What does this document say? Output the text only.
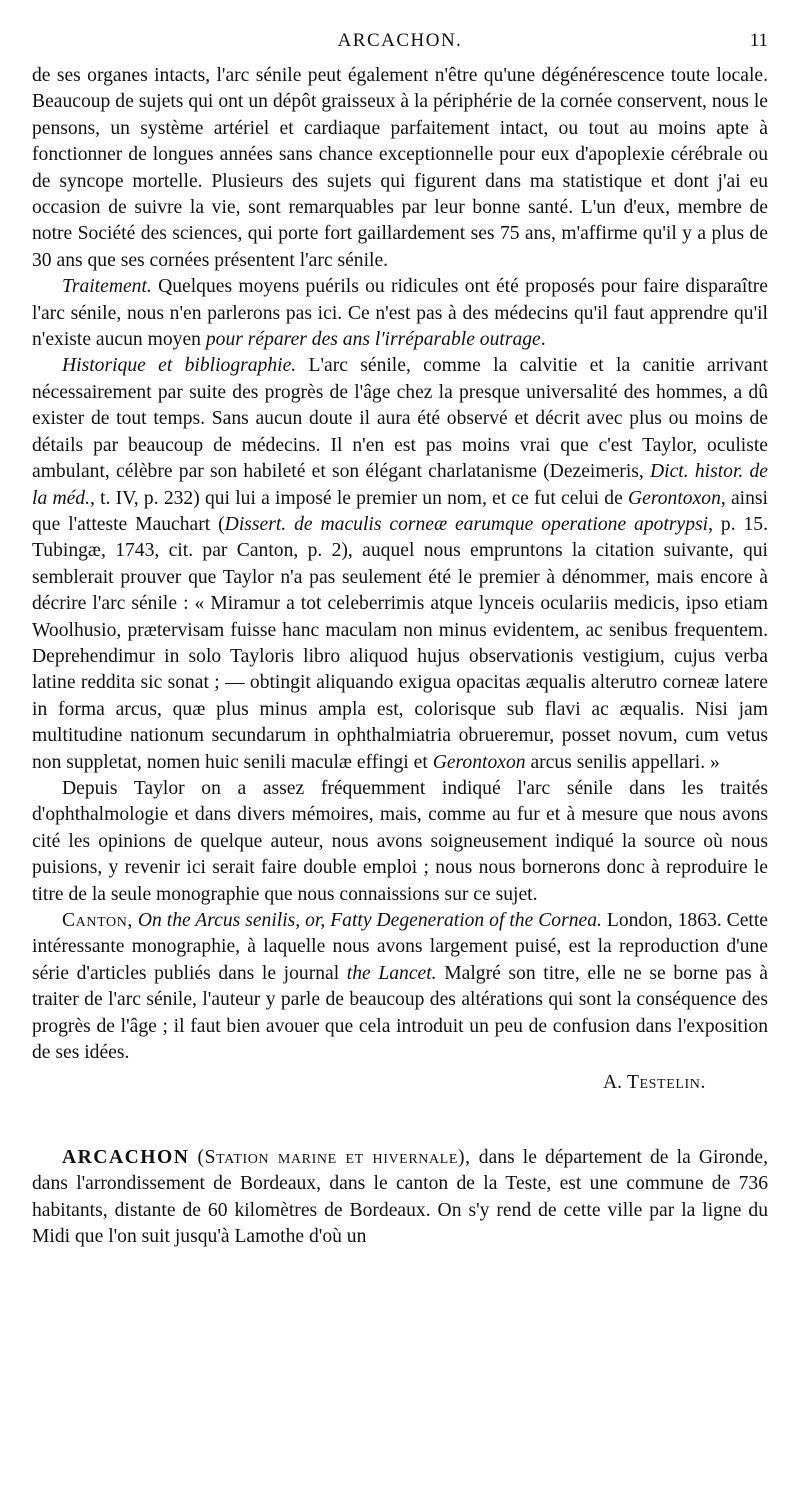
ARCACHON.	11

de ses organes intacts, l'arc sénile peut également n'être qu'une dégénérescence toute locale. Beaucoup de sujets qui ont un dépôt graisseux à la périphérie de la cornée conservent, nous le pensons, un système artériel et cardiaque parfaitement intact, ou tout au moins apte à fonctionner de longues années sans chance exceptionnelle pour eux d'apoplexie cérébrale ou de syncope mortelle. Plusieurs des sujets qui figurent dans ma statistique et dont j'ai eu occasion de suivre la vie, sont remarquables par leur bonne santé. L'un d'eux, membre de notre Société des sciences, qui porte fort gaillardement ses 75 ans, m'affirme qu'il y a plus de 30 ans que ses cornées présentent l'arc sénile.

Traitement. Quelques moyens puérils ou ridicules ont été proposés pour faire disparaître l'arc sénile, nous n'en parlerons pas ici. Ce n'est pas à des médecins qu'il faut apprendre qu'il n'existe aucun moyen pour réparer des ans l'irréparable outrage.

Historique et bibliographie. L'arc sénile, comme la calvitie et la canitie arrivant nécessairement par suite des progrès de l'âge chez la presque universalité des hommes, a dû exister de tout temps. Sans aucun doute il aura été observé et décrit avec plus ou moins de détails par beaucoup de médecins. Il n'en est pas moins vrai que c'est Taylor, oculiste ambulant, célèbre par son habileté et son élégant charlatanisme (Dezeimeris, Dict. histor. de la méd., t. IV, p. 232) qui lui a imposé le premier un nom, et ce fut celui de Gerontoxon, ainsi que l'atteste Mauchart (Dissert. de maculis corneæ earumque operatione apotrypsi, p. 15. Tubingæ, 1743, cit. par Canton, p. 2), auquel nous empruntons la citation suivante, qui semblerait prouver que Taylor n'a pas seulement été le premier à dénommer, mais encore à décrire l'arc sénile : « Miramur a tot celeberrimis atque lynceis oculariis medicis, ipso etiam Woolhusio, prætervisam fuisse hanc maculam non minus evidentem, ac senibus frequentem. Deprehendimur in solo Tayloris libro aliquod hujus observationis vestigium, cujus verba latine reddita sic sonat ; — obtingit aliquando exigua opacitas æqualis alterutro corneæ latere in forma arcus, quæ plus minus ampla est, colorisque sub flavi ac æqualis. Nisi jam multitudine nationum secundarum in ophthalmiatria obrueremur, posset novum, cum vetus non suppletat, nomen huic senili maculæ effingi et Gerontoxon arcus senilis appellari. »

Depuis Taylor on a assez fréquemment indiqué l'arc sénile dans les traités d'ophthalmologie et dans divers mémoires, mais, comme au fur et à mesure que nous avons cité les opinions de quelque auteur, nous avons soigneusement indiqué la source où nous puisions, y revenir ici serait faire double emploi ; nous nous bornerons donc à reproduire le titre de la seule monographie que nous connaissions sur ce sujet.

Canton, On the Arcus senilis, or, Fatty Degeneration of the Cornea. London, 1863. Cette intéressante monographie, à laquelle nous avons largement puisé, est la reproduction d'une série d'articles publiés dans le journal the Lancet. Malgré son titre, elle ne se borne pas à traiter de l'arc sénile, l'auteur y parle de beaucoup des altérations qui sont la conséquence des progrès de l'âge ; il faut bien avouer que cela introduit un peu de confusion dans l'exposition de ses idées.

A. Testelin.

ARCACHON (Station marine et hivernale), dans le département de la Gironde, dans l'arrondissement de Bordeaux, dans le canton de la Teste, est une commune de 736 habitants, distante de 60 kilomètres de Bordeaux. On s'y rend de cette ville par la ligne du Midi que l'on suit jusqu'à Lamothe d'où un
